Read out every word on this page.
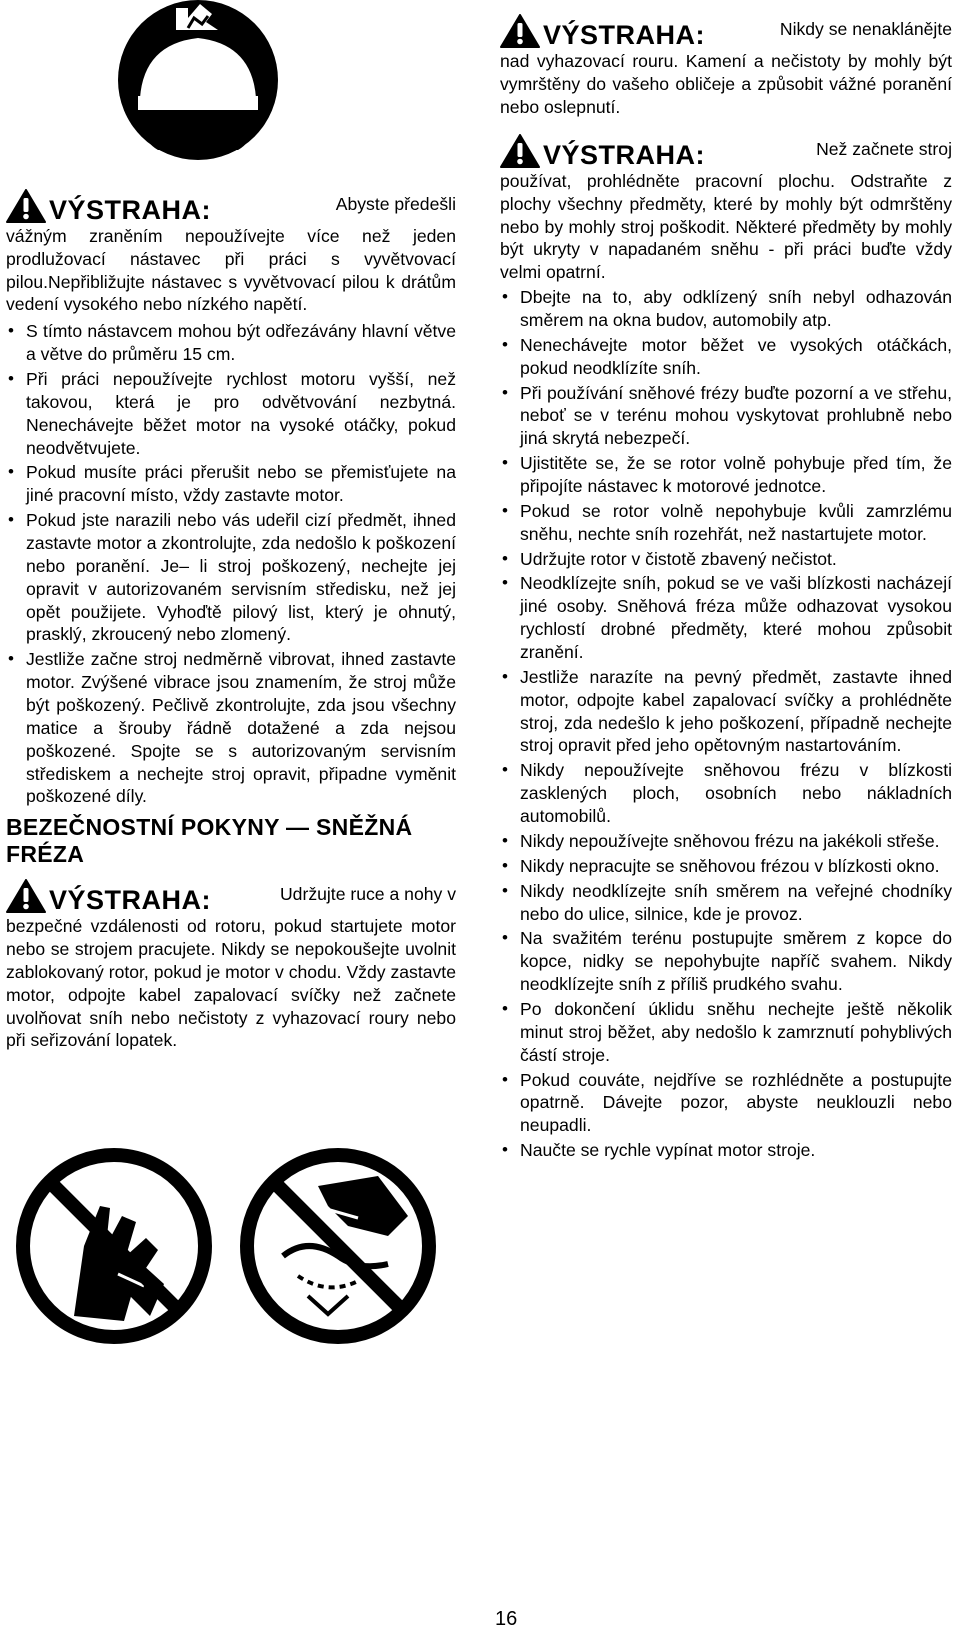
VÝSTRAHA:	Abyste předešli
vážným zraněním nepoužívejte více než jeden prodlužovací nástavec při práci s vyvětvovací pilou.Nepřibližujte nástavec s vyvětvovací pilou k drátům vedení vysokého nebo nízkého napětí.

• S tímto nástavcem mohou být odřezávány hlavní větve a větve do průměru 15 cm.
• Při práci nepoužívejte rychlost motoru vyšší, než takovou, která je pro odvětvování nezbytná. Nenechávejte běžet motor na vysoké otáčky, pokud neodvětvujete.
• Pokud musíte práci přerušit nebo se přemisťujete na jiné pracovní místo, vždy zastavte motor.
• Pokud jste narazili nebo vás udeřil cizí předmět, ihned zastavte motor a zkontrolujte, zda nedošlo k poškození nebo poranění. Je– li stroj poškozený, nechejte jej opravit v autorizovaném servisním středisku, než jej opět použijete. Vyhoďtě pilový list, který je ohnutý, prasklý, zkroucený nebo zlomený.
• Jestliže začne stroj nedměrně vibrovat, ihned zastavte motor. Zvýšené vibrace jsou znamením, že stroj může být poškozený. Pečlivě zkontrolujte, zda jsou všechny matice a šrouby řádně dotažené a zda nejsou poškozené. Spojte se s autorizovaným servisním střediskem a nechejte stroj opravit, připadne vyměnit poškozené díly.
BEZEČNOSTNÍ POKYNY — SNĚŽNÁ FRÉZA

VÝSTRAHA:	Udržujte ruce a nohy v
bezpečné vzdálenosti od rotoru, pokud startujete motor nebo se strojem pracujete. Nikdy se nepokoušejte uvolnit zablokovaný rotor, pokud je motor v chodu. Vždy zastavte motor, odpojte kabel zapalovací svíčky než začnete uvolňovat sníh nebo nečistoty z vyhazovací roury nebo při seřizování lopatek.

VÝSTRAHA:	Nikdy se nenaklánějte
nad vyhazovací rouru. Kamení a nečistoty by mohly být vymrštěny do vašeho obličeje a způsobit vážné poranění nebo oslepnutí.

VÝSTRAHA:	Než začnete stroj
používat, prohlédněte pracovní plochu. Odstraňte z plochy všechny předměty, které by mohly být odmrštěny nebo by mohly stroj poškodit. Některé předměty by mohly být ukryty v napadaném sněhu - při práci buďte vždy velmi opatrní.

• Dbejte na to, aby odklízený sníh nebyl odhazován směrem na okna budov, automobily atp.
• Nenechávejte motor běžet ve vysokých otáčkách, pokud neodklízíte sníh.
• Při používání sněhové frézy buďte pozorní a ve střehu, neboť se v terénu mohou vyskytovat prohlubně nebo jiná skrytá nebezpečí.
• Ujistitěte se, že se rotor volně pohybuje před tím, že připojíte nástavec k motorové jednotce.
• Pokud se rotor volně nepohybuje kvůli zamrzlému sněhu, nechte sníh rozehřát, než nastartujete motor.
• Udržujte rotor v čistotě zbavený nečistot.
• Neodklízejte sníh, pokud se ve vaši blízkosti nacházejí jiné osoby. Sněhová fréza může odhazovat vysokou rychlostí drobné předměty, které mohou způsobit zranění.
• Jestliže narazíte na pevný předmět, zastavte ihned motor, odpojte kabel zapalovací svíčky a prohlédněte stroj, zda nedešlo k jeho poškození, případně nechejte stroj opravit před jeho opětovným nastartováním.
• Nikdy nepoužívejte sněhovou frézu v blízkosti zasklených ploch, osobních nebo nákladních automobilů.
• Nikdy nepoužívejte sněhovou frézu na jakékoli střeše.
• Nikdy nepracujte se sněhovou frézou v blízkosti okno.
• Nikdy neodklízejte sníh směrem na veřejné chodníky nebo do ulice, silnice, kde je provoz.
• Na svažitém terénu postupujte směrem z kopce do kopce, nidky se nepohybujte napříč svahem. Nikdy neodklízejte sníh z příliš prudkého svahu.
• Po dokončení úklidu sněhu nechejte ještě několik minut stroj běžet, aby nedošlo k zamrznutí pohyblivých částí stroje.
• Pokud couváte, nejdříve se rozhlédněte a postupujte opatrně. Dávejte pozor, abyste neuklouzli nebo neupadli.
• Naučte se rychle vypínat motor stroje.
16
